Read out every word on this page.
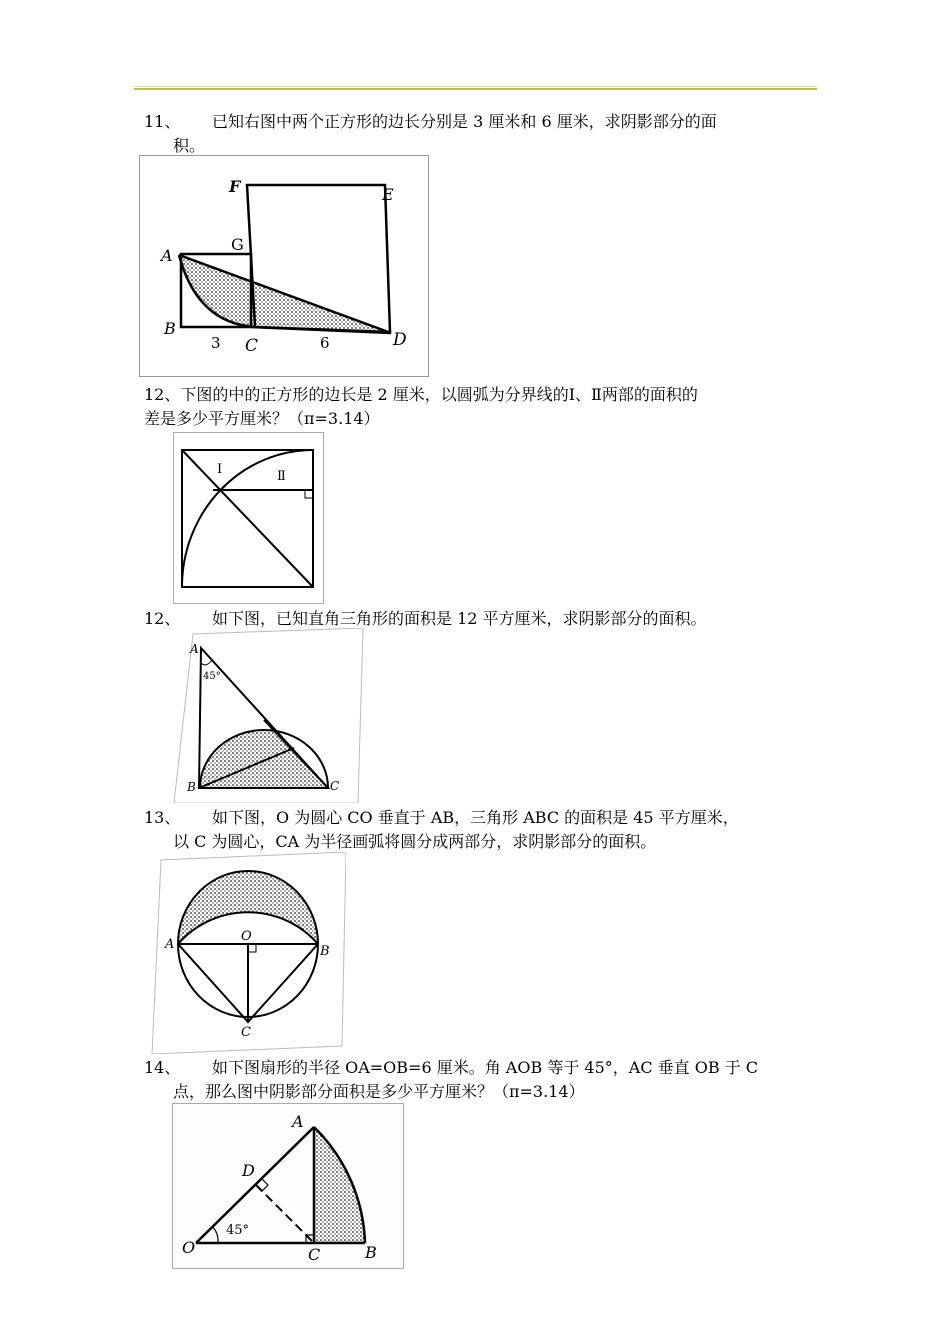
11、 已知右图中两个正方形的边长分别是 3 厘米和 6 厘米，求阴影部分的面
积。
F	E
G
A
B
C	D
3	6
12、下图的中的正方形的边长是 2 厘米，以圆弧为分界线的Ⅰ、Ⅱ两部的面积的
差是多少平方厘米？（π=3.14）
Ⅰ	Ⅱ
12、 如下图，已知直角三角形的面积是 12 平方厘米，求阴影部分的面积。
A
45°
B	C
13、 如下图，O 为圆心 CO 垂直于 AB，三角形 ABC 的面积是 45 平方厘米，
以 C 为圆心，CA 为半径画弧将圆分成两部分，求阴影部分的面积。
A
O
B
C
14、 如下图扇形的半径 OA=OB=6 厘米。角 AOB 等于 45°，AC 垂直 OB 于 C
点，那么图中阴影部分面积是多少平方厘米？（π=3.14）
A
D
O
45°
C	B
